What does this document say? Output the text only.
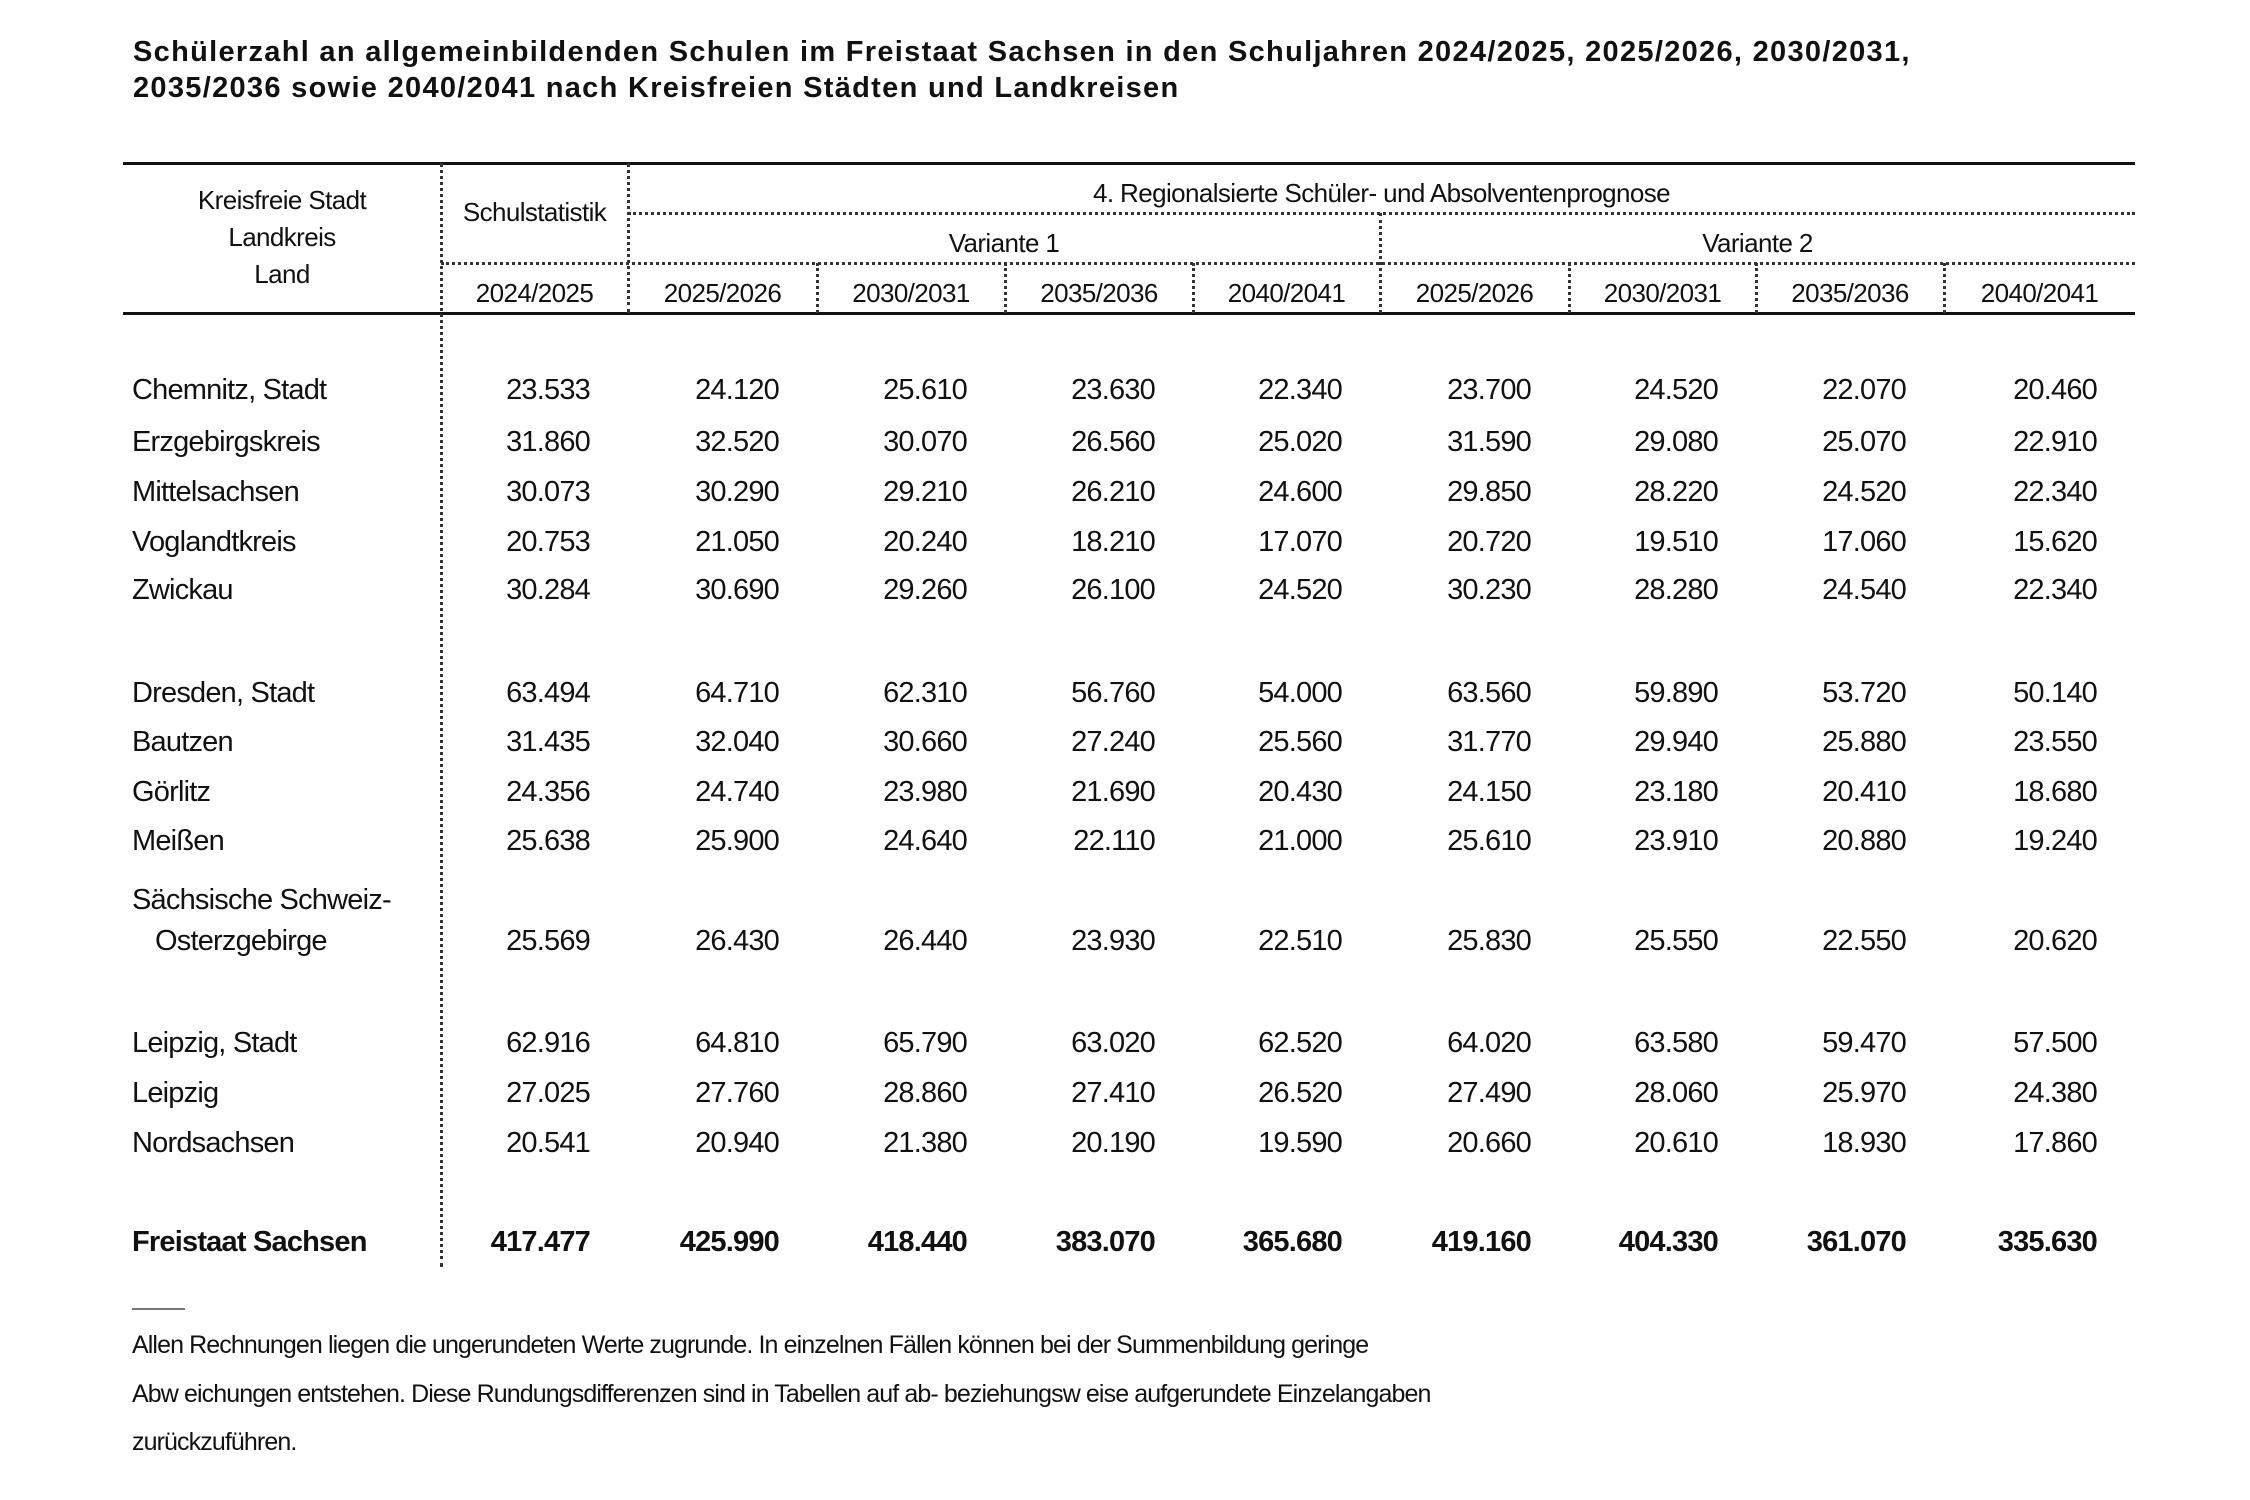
Schülerzahl an allgemeinbildenden Schulen im Freistaat Sachsen in den Schuljahren 2024/2025, 2025/2026, 2030/2031,
2035/2036 sowie 2040/2041 nach Kreisfreien Städten und Landkreisen
Kreisfreie Stadt
Landkreis
Land
Schulstatistik
4. Regionalsierte Schüler- und Absolventenprognose
Variante 1	Variante 2
2024/2025	2025/2026	2030/2031	2035/2036	2040/2041	2025/2026	2030/2031	2035/2036	2040/2041
Chemnitz, Stadt	23.533	24.120	25.610	23.630	22.340	23.700	24.520	22.070	20.460
Erzgebirgskreis	31.860	32.520	30.070	26.560	25.020	31.590	29.080	25.070	22.910
Mittelsachsen	30.073	30.290	29.210	26.210	24.600	29.850	28.220	24.520	22.340
Voglandtkreis	20.753	21.050	20.240	18.210	17.070	20.720	19.510	17.060	15.620
Zwickau	30.284	30.690	29.260	26.100	24.520	30.230	28.280	24.540	22.340
Dresden, Stadt	63.494	64.710	62.310	56.760	54.000	63.560	59.890	53.720	50.140
Bautzen	31.435	32.040	30.660	27.240	25.560	31.770	29.940	25.880	23.550
Görlitz	24.356	24.740	23.980	21.690	20.430	24.150	23.180	20.410	18.680
Meißen	25.638	25.900	24.640	22.110	21.000	25.610	23.910	20.880	19.240
Sächsische Schweiz-
Osterzgebirge	25.569	26.430	26.440	23.930	22.510	25.830	25.550	22.550	20.620
Leipzig, Stadt	62.916	64.810	65.790	63.020	62.520	64.020	63.580	59.470	57.500
Leipzig	27.025	27.760	28.860	27.410	26.520	27.490	28.060	25.970	24.380
Nordsachsen	20.541	20.940	21.380	20.190	19.590	20.660	20.610	18.930	17.860
Freistaat Sachsen	417.477	425.990	418.440	383.070	365.680	419.160	404.330	361.070	335.630
Allen Rechnungen liegen die ungerundeten Werte zugrunde. In einzelnen Fällen können bei der Summenbildung geringe
Abw eichungen entstehen. Diese Rundungsdifferenzen sind in Tabellen auf ab- beziehungsw eise aufgerundete Einzelangaben
zurückzuführen.
